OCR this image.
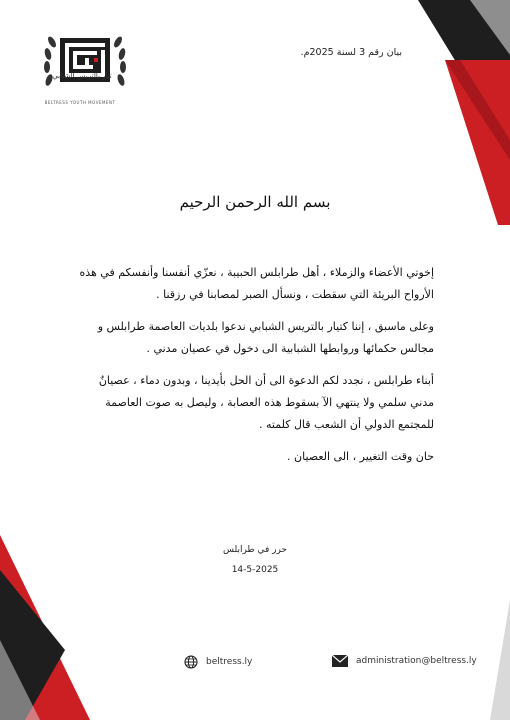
تيار بالتريس الشبابي
BELTRESS YOUTH MOVEMENT
بيان رقم 3 لسنة 2025م.
بسم الله الرحمن الرحيم

إخوتي الأعضاء والزملاء ، أهل طرابلس الحبيبة ، نعزّي أنفسنا وأنفسكم في هذه الأرواح البريئة التي سقطت ، ونسأل الصبر لمصابنا في رزقنا .

وعلى ماسبق ، إننا كتيار بالتريس الشبابي ندعوا بلديات العاصمة طرابلس و مجالس حكمائها وروابطها الشبابية الى دخول في عصيان مدني .

أبناء طرابلس ، نجدد لكم الدعوة الى أن الحل بأيدينا ، وبدون دماء ، عصيانٌ مدني سلمي ولا ينتهي الآ بسقوط هذه العصابة ، وليصل به صوت العاصمة للمجتمع الدولي أن الشعب قال كلمته .

حان وقت التغيير ، الى العصيان .

حرر في طرابلس
14-5-2025
beltress.ly	administration@beltress.ly
